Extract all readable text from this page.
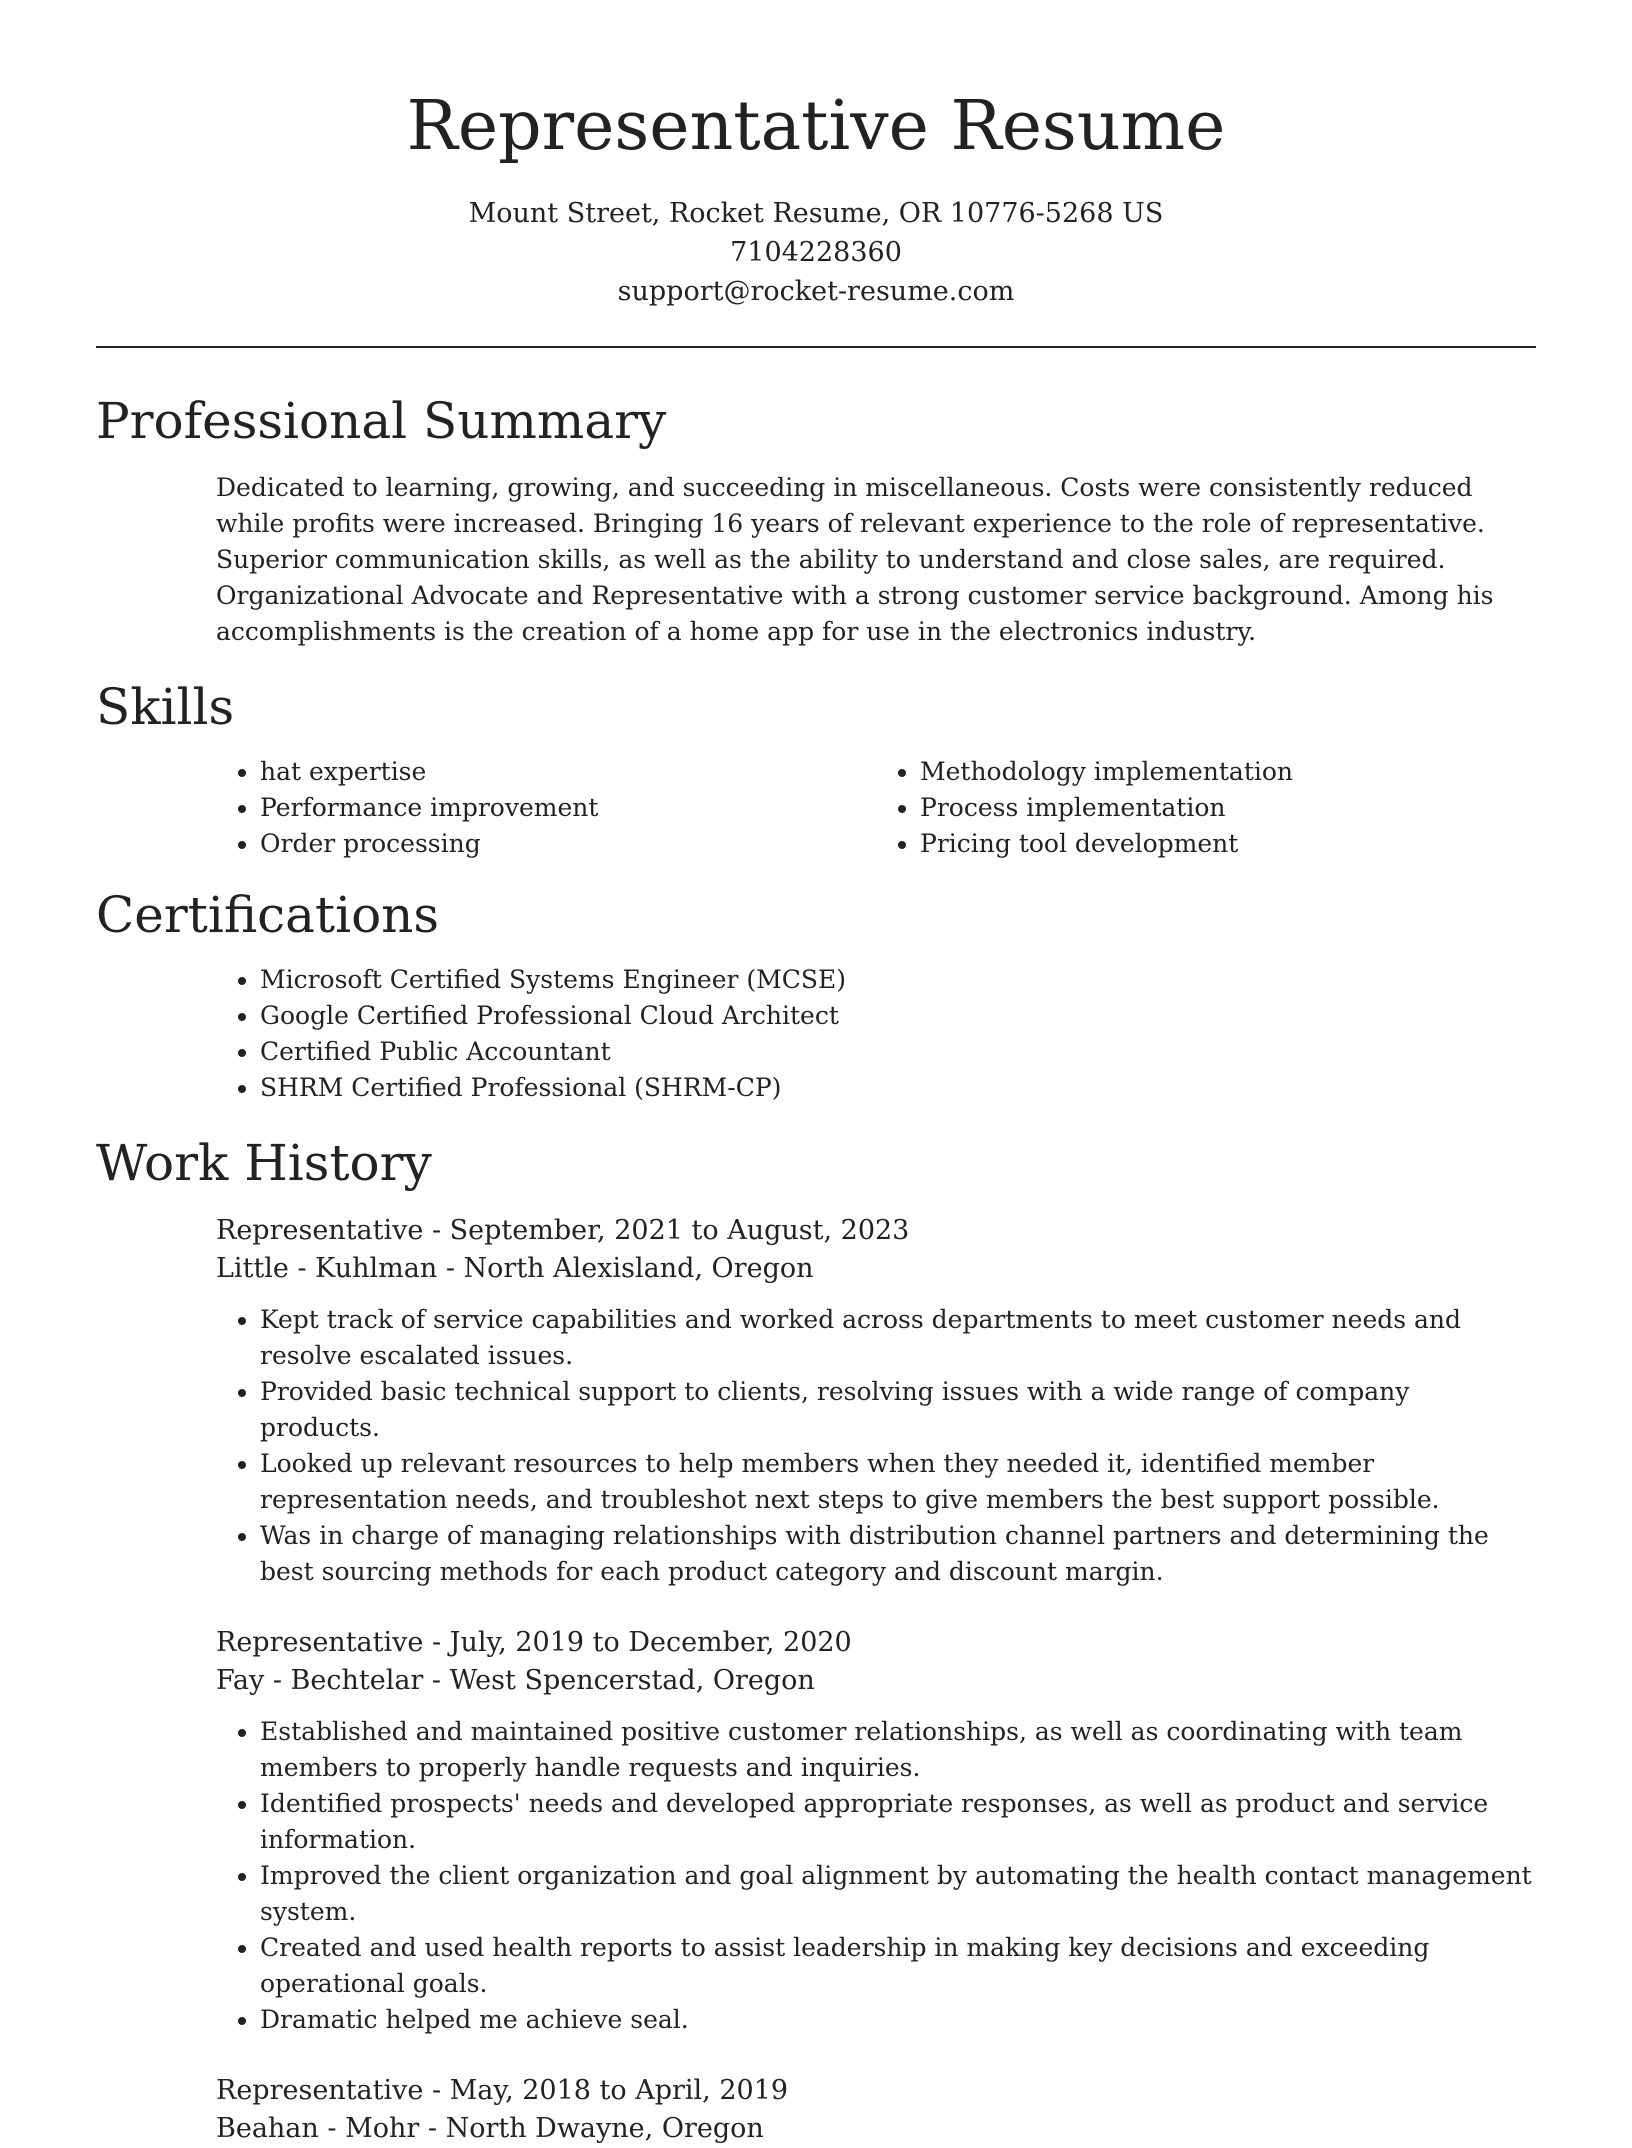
Representative Resume
Mount Street, Rocket Resume, OR 10776-5268 US
7104228360
support@rocket-resume.com
Professional Summary
Dedicated to learning, growing, and succeeding in miscellaneous. Costs were consistently reduced while profits were increased. Bringing 16 years of relevant experience to the role of representative. Superior communication skills, as well as the ability to understand and close sales, are required. Organizational Advocate and Representative with a strong customer service background. Among his accomplishments is the creation of a home app for use in the electronics industry.
Skills
• hat expertise
• Performance improvement
• Order processing
• Methodology implementation
• Process implementation
• Pricing tool development
Certifications
• Microsoft Certified Systems Engineer (MCSE)
• Google Certified Professional Cloud Architect
• Certified Public Accountant
• SHRM Certified Professional (SHRM-CP)
Work History
Representative - September, 2021 to August, 2023
Little - Kuhlman - North Alexisland, Oregon
• Kept track of service capabilities and worked across departments to meet customer needs and resolve escalated issues.
• Provided basic technical support to clients, resolving issues with a wide range of company products.
• Looked up relevant resources to help members when they needed it, identified member representation needs, and troubleshot next steps to give members the best support possible.
• Was in charge of managing relationships with distribution channel partners and determining the best sourcing methods for each product category and discount margin.
Representative - July, 2019 to December, 2020
Fay - Bechtelar - West Spencerstad, Oregon
• Established and maintained positive customer relationships, as well as coordinating with team members to properly handle requests and inquiries.
• Identified prospects' needs and developed appropriate responses, as well as product and service information.
• Improved the client organization and goal alignment by automating the health contact management system.
• Created and used health reports to assist leadership in making key decisions and exceeding operational goals.
• Dramatic helped me achieve seal.
Representative - May, 2018 to April, 2019
Beahan - Mohr - North Dwayne, Oregon
